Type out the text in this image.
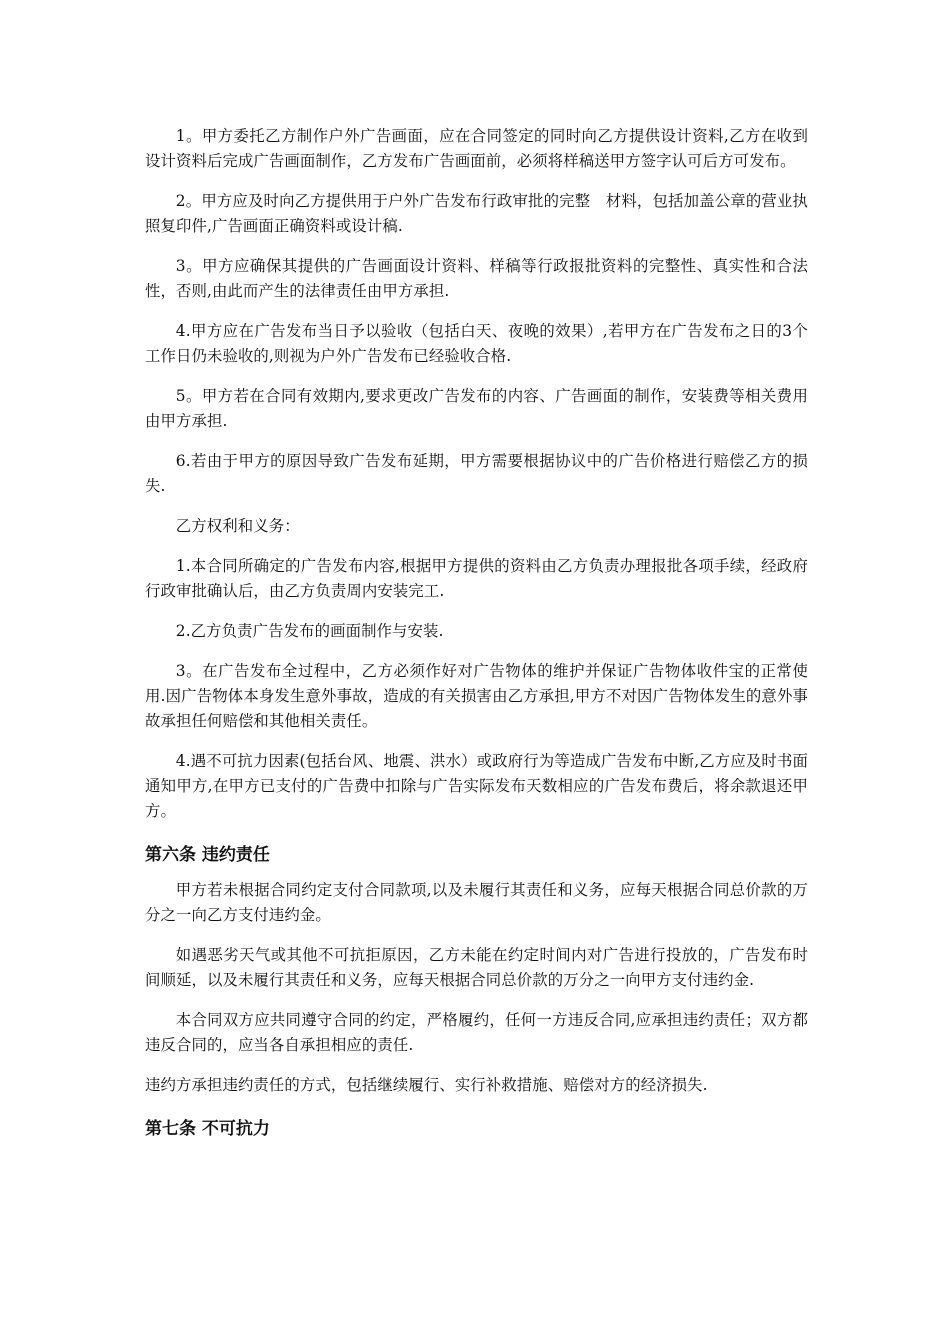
1。甲方委托乙方制作户外广告画面，应在合同签定的同时向乙方提供设计资料,乙方在收到设计资料后完成广告画面制作，乙方发布广告画面前，必须将样稿送甲方签字认可后方可发布。

2。甲方应及时向乙方提供用于户外广告发布行政审批的完整　材料，包括加盖公章的营业执照复印件,广告画面正确资料或设计稿.

3。甲方应确保其提供的广告画面设计资料、样稿等行政报批资料的完整性、真实性和合法性，否则,由此而产生的法律责任由甲方承担.

4.甲方应在广告发布当日予以验收（包括白天、夜晚的效果）,若甲方在广告发布之日的3个工作日仍未验收的,则视为户外广告发布已经验收合格.

5。甲方若在合同有效期内,要求更改广告发布的内容、广告画面的制作，安装费等相关费用由甲方承担.

6.若由于甲方的原因导致广告发布延期，甲方需要根据协议中的广告价格进行赔偿乙方的损失.

乙方权利和义务：

1.本合同所确定的广告发布内容,根据甲方提供的资料由乙方负责办理报批各项手续，经政府行政审批确认后，由乙方负责周内安装完工.

2.乙方负责广告发布的画面制作与安装.

3。在广告发布全过程中，乙方必须作好对广告物体的维护并保证广告物体收件宝的正常使用.因广告物体本身发生意外事故，造成的有关损害由乙方承担,甲方不对因广告物体发生的意外事故承担任何赔偿和其他相关责任。

4.遇不可抗力因素(包括台风、地震、洪水）或政府行为等造成广告发布中断,乙方应及时书面通知甲方,在甲方已支付的广告费中扣除与广告实际发布天数相应的广告发布费后，将余款退还甲方。

第六条 违约责任

甲方若未根据合同约定支付合同款项,以及未履行其责任和义务，应每天根据合同总价款的万分之一向乙方支付违约金。

如遇恶劣天气或其他不可抗拒原因，乙方未能在约定时间内对广告进行投放的，广告发布时间顺延，以及未履行其责任和义务，应每天根据合同总价款的万分之一向甲方支付违约金.

本合同双方应共同遵守合同的约定，严格履约，任何一方违反合同,应承担违约责任；双方都违反合同的，应当各自承担相应的责任.

违约方承担违约责任的方式，包括继续履行、实行补救措施、赔偿对方的经济损失.

第七条 不可抗力
